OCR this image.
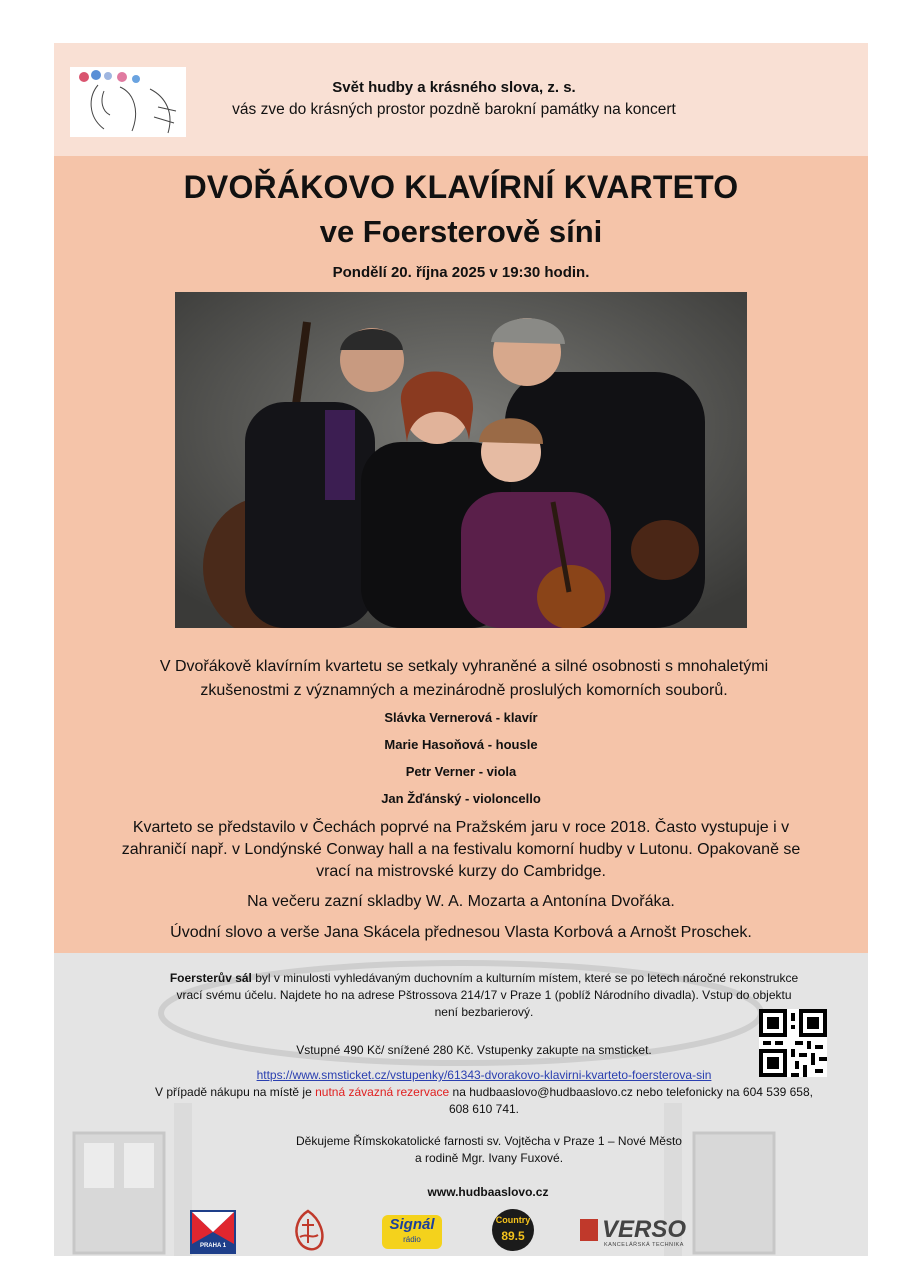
Svět hudby a krásného slova, z. s.
vás zve do krásných prostor pozdně barokní památky na koncert
DVOŘÁKOVO KLAVÍRNÍ KVARTETO
ve Foersterově síni
Pondělí 20. října 2025 v 19:30 hodin.
V Dvořákově klavírním kvartetu se setkaly vyhraněné a silné osobnosti s mnohaletými zkušenostmi z významných a mezinárodně proslulých komorních souborů.
Slávka Vernerová - klavír
Marie Hasoňová - housle
Petr Verner - viola
Jan Žďánský - violoncello
Kvarteto se představilo v Čechách poprvé na Pražském jaru v roce 2018. Často vystupuje i v zahraničí např. v Londýnské Conway hall a na festivalu komorní hudby v Lutonu. Opakovaně se vrací na mistrovské kurzy do Cambridge.
Na večeru zazní skladby W. A. Mozarta a Antonína Dvořáka.
Úvodní slovo a verše Jana Skácela přednesou Vlasta Korbová a Arnošt Proschek.
Foersterův sál byl v minulosti vyhledávaným duchovním a kulturním místem, které se po letech náročné rekonstrukce vrací svému účelu. Najdete ho na adrese Pštrossova 214/17 v Praze 1 (poblíž Národního divadla). Vstup do objektu není bezbarierový.
Vstupné 490 Kč/ snížené 280 Kč. Vstupenky zakupte na smsticket.
https://www.smsticket.cz/vstupenky/61343-dvorakovo-klavirni-kvarteto-foersterova-sin
V případě nákupu na místě je nutná závazná rezervace na hudbaaslovo@hudbaaslovo.cz nebo telefonicky na 604 539 658,
608 610 741.
Děkujeme Římskokatolické farnosti sv. Vojtěcha v Praze 1 – Nové Město
a rodině Mgr. Ivany Fuxové.
www.hudbaaslovo.cz
PRAHA 1
Signál
rádio
Country
89.5	VERSO
KANCELÁŘSKÁ TECHNIKA
